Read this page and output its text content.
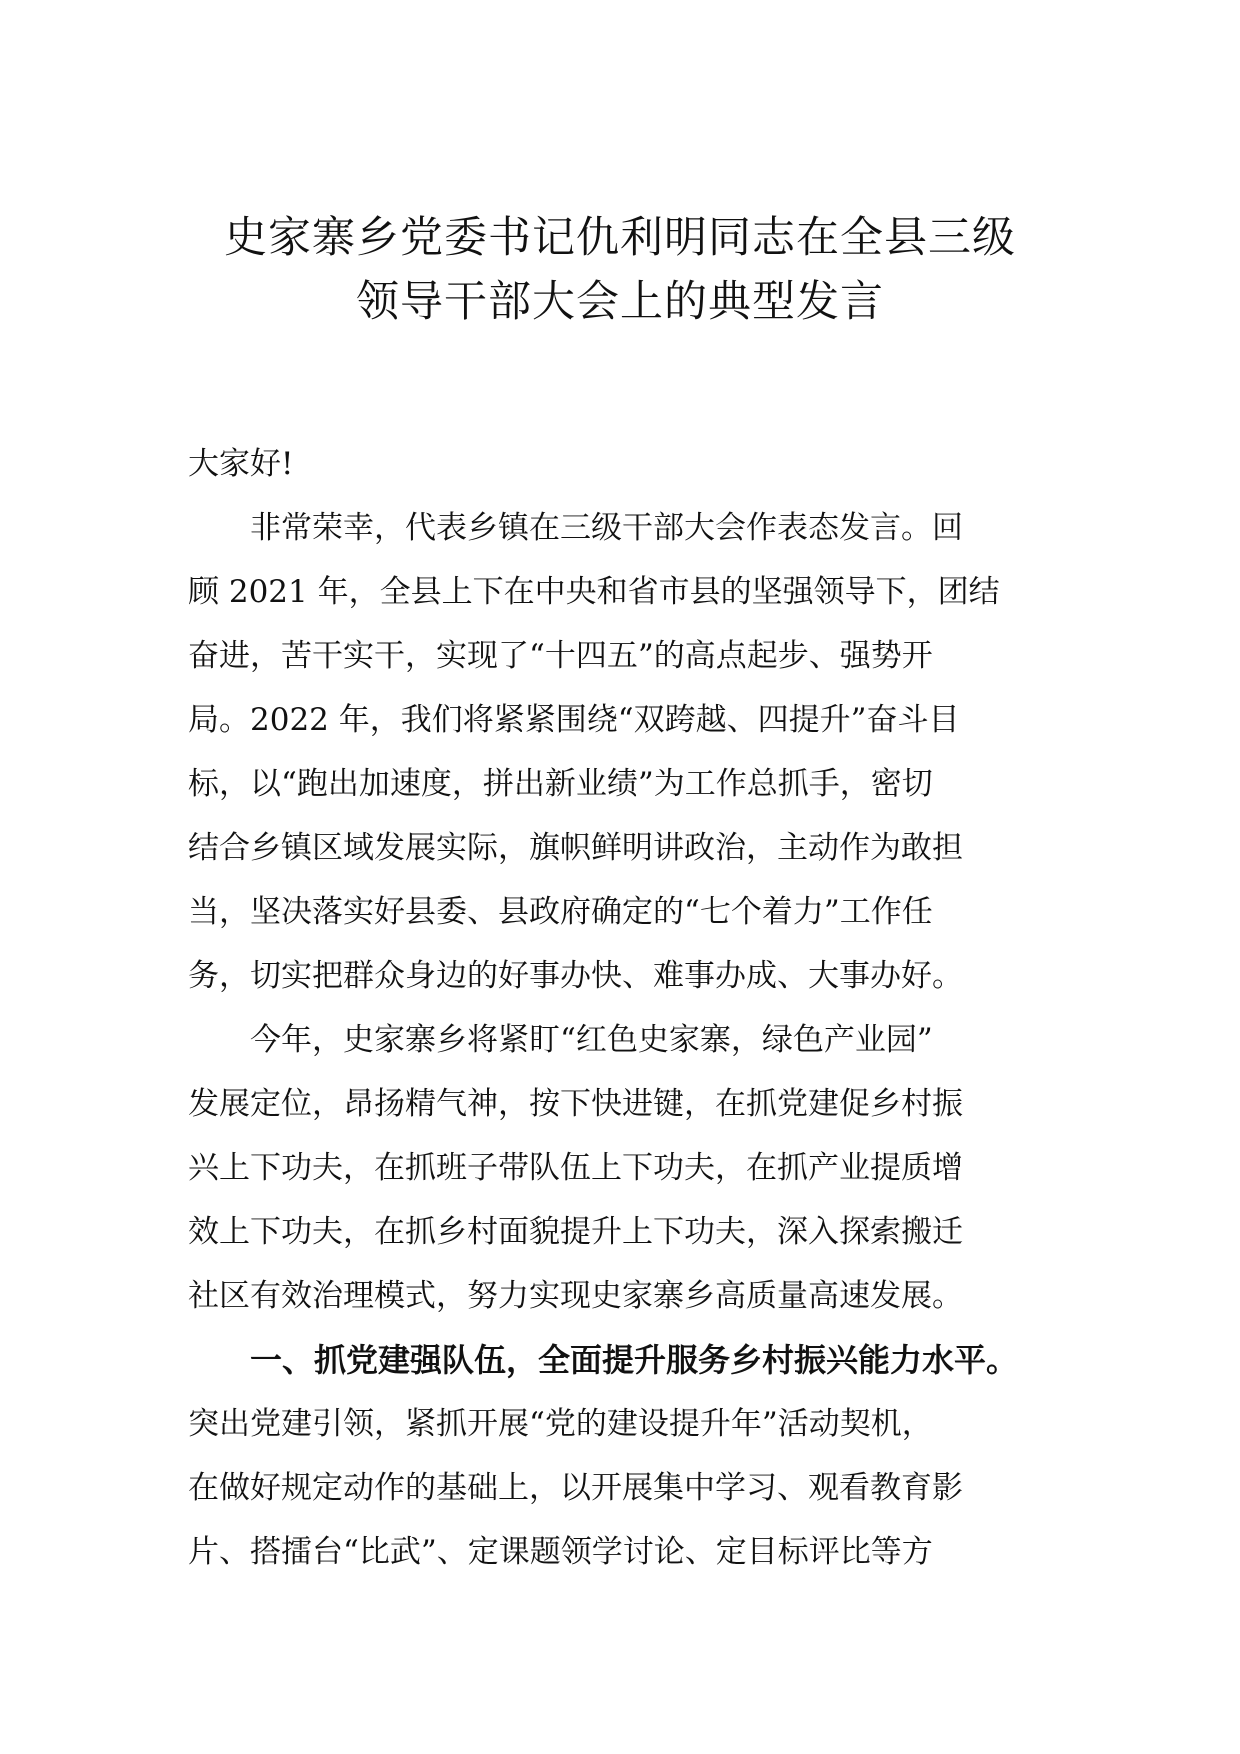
史家寨乡党委书记仇利明同志在全县三级
领导干部大会上的典型发言
大家好!
非常荣幸，代表乡镇在三级干部大会作表态发言。回
顾 2021 年，全县上下在中央和省市县的坚强领导下，团结
奋进，苦干实干，实现了“十四五”的高点起步、强势开
局。2022 年，我们将紧紧围绕“双跨越、四提升”奋斗目
标，以“跑出加速度，拼出新业绩”为工作总抓手，密切
结合乡镇区域发展实际，旗帜鲜明讲政治，主动作为敢担
当，坚决落实好县委、县政府确定的“七个着力”工作任
务，切实把群众身边的好事办快、难事办成、大事办好。
今年，史家寨乡将紧盯“红色史家寨，绿色产业园”
发展定位，昂扬精气神，按下快进键，在抓党建促乡村振
兴上下功夫，在抓班子带队伍上下功夫，在抓产业提质增
效上下功夫，在抓乡村面貌提升上下功夫，深入探索搬迁
社区有效治理模式，努力实现史家寨乡高质量高速发展。
一、抓党建强队伍，全面提升服务乡村振兴能力水平。
突出党建引领，紧抓开展“党的建设提升年”活动契机，
在做好规定动作的基础上，以开展集中学习、观看教育影
片、搭擂台“比武”、定课题领学讨论、定目标评比等方
